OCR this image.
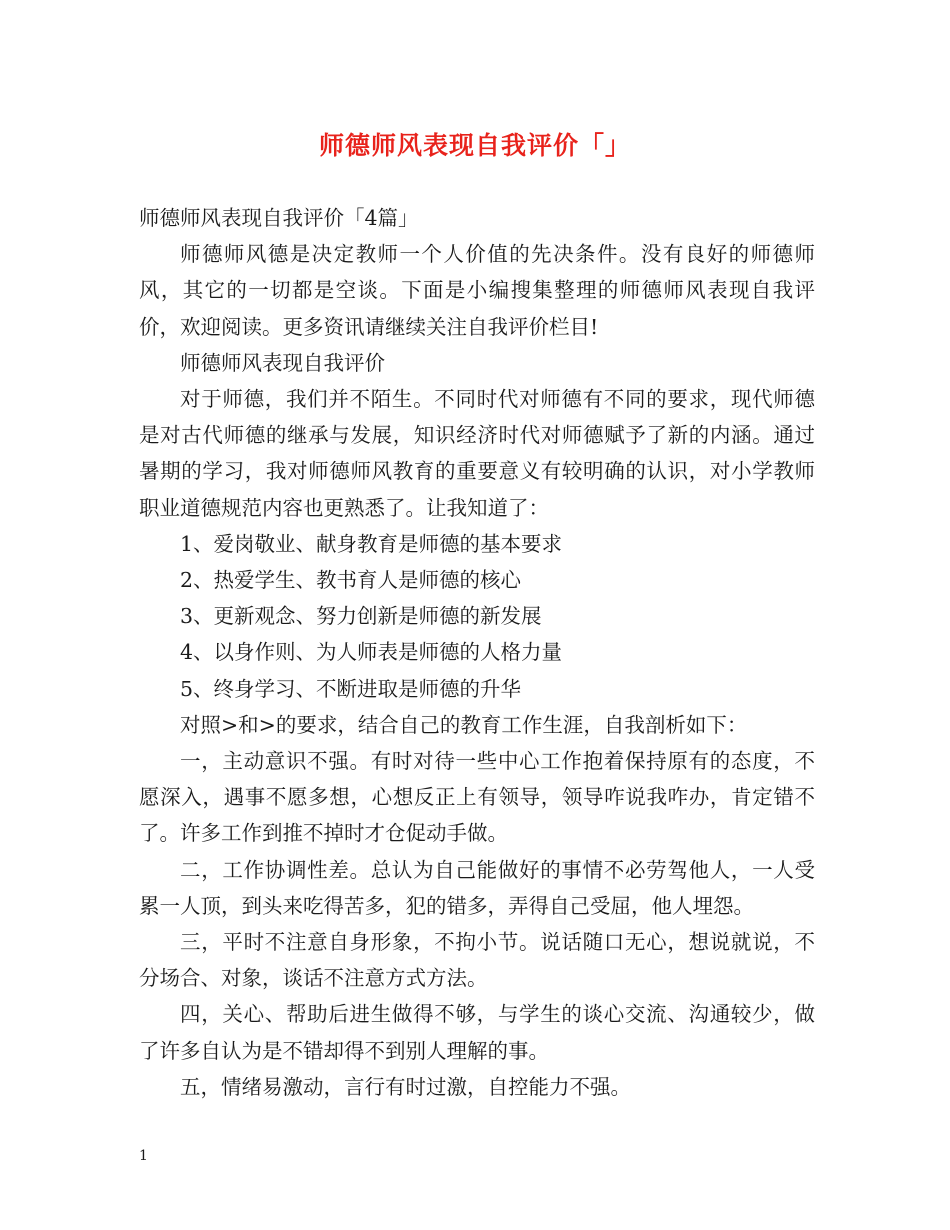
师德师风表现自我评价「」

师德师风表现自我评价「4篇」

师德师风德是决定教师一个人价值的先决条件。没有良好的师德师风，其它的一切都是空谈。下面是小编搜集整理的师德师风表现自我评价，欢迎阅读。更多资讯请继续关注自我评价栏目!

师德师风表现自我评价

对于师德，我们并不陌生。不同时代对师德有不同的要求，现代师德是对古代师德的继承与发展，知识经济时代对师德赋予了新的内涵。通过暑期的学习，我对师德师风教育的重要意义有较明确的认识，对小学教师职业道德规范内容也更熟悉了。让我知道了：

1、爱岗敬业、献身教育是师德的基本要求

2、热爱学生、教书育人是师德的核心

3、更新观念、努力创新是师德的新发展

4、以身作则、为人师表是师德的人格力量

5、终身学习、不断进取是师德的升华

对照>和>的要求，结合自己的教育工作生涯，自我剖析如下：

一，主动意识不强。有时对待一些中心工作抱着保持原有的态度，不愿深入，遇事不愿多想，心想反正上有领导，领导咋说我咋办，肯定错不了。许多工作到推不掉时才仓促动手做。

二，工作协调性差。总认为自己能做好的事情不必劳驾他人，一人受累一人顶，到头来吃得苦多，犯的错多，弄得自己受屈，他人埋怨。

三，平时不注意自身形象，不拘小节。说话随口无心，想说就说，不分场合、对象，谈话不注意方式方法。

四，关心、帮助后进生做得不够，与学生的谈心交流、沟通较少，做了许多自认为是不错却得不到别人理解的事。

五，情绪易激动，言行有时过激，自控能力不强。

1
